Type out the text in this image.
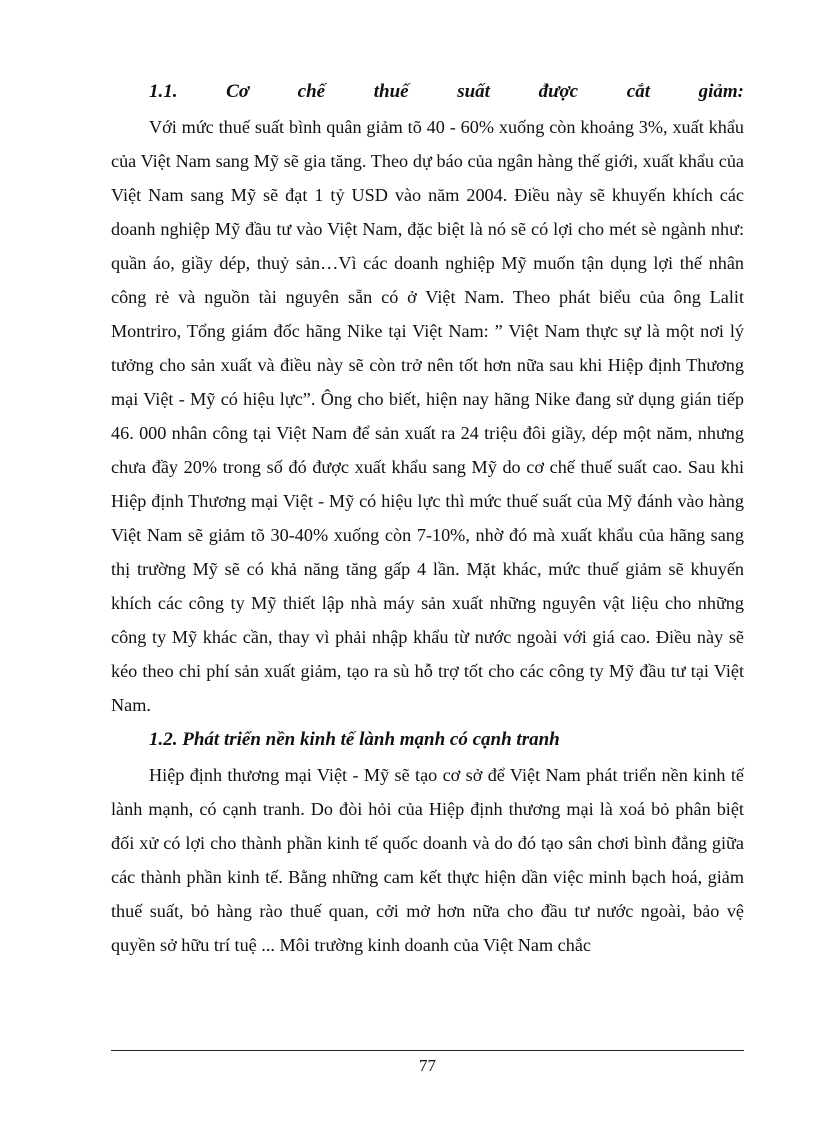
1.1. Cơ chế thuế suất được cắt giảm:

Với mức thuế suất bình quân giảm tõ 40 - 60% xuống còn khoảng 3%, xuất khẩu của Việt Nam sang Mỹ sẽ gia tăng. Theo dự báo của ngân hàng thế giới, xuất khẩu của Việt Nam sang Mỹ sẽ đạt 1 tỷ USD vào năm 2004. Điều này sẽ khuyến khích các doanh nghiệp Mỹ đầu tư vào Việt Nam, đặc biệt là nó sẽ có lợi cho mét sè ngành như: quần áo, giầy dép, thuỷ sản…Vì các doanh nghiệp Mỹ muốn tận dụng lợi thế nhân công rẻ và nguồn tài nguyên sẵn có ở Việt Nam. Theo phát biểu của ông Lalit Montriro, Tổng giám đốc hãng Nike tại Việt Nam: ” Việt Nam thực sự là một nơi lý tưởng cho sản xuất và điều này sẽ còn trở nên tốt hơn nữa sau khi Hiệp định Thương mại Việt - Mỹ có hiệu lực”. Ông cho biết, hiện nay hãng Nike đang sử dụng gián tiếp 46. 000 nhân công tại Việt Nam để sản xuất ra 24 triệu đôi giầy, dép một năm, nhưng chưa đầy 20% trong số đó được xuất khẩu sang Mỹ do cơ chế thuế suất cao. Sau khi Hiệp định Thương mại Việt - Mỹ có hiệu lực thì mức thuế suất của Mỹ đánh vào hàng Việt Nam sẽ giảm tõ 30-40% xuống còn 7-10%, nhờ đó mà xuất khẩu của hãng sang thị trường Mỹ sẽ có khả năng tăng gấp 4 lần. Mặt khác, mức thuế giảm sẽ khuyến khích các công ty Mỹ thiết lập nhà máy sản xuất những nguyên vật liệu cho những công ty Mỹ khác cần, thay vì phải nhập khẩu từ nước ngoài với giá cao. Điều này sẽ kéo theo chi phí sản xuất giảm, tạo ra sù hỗ trợ tốt cho các công ty Mỹ đầu tư tại Việt Nam.

1.2. Phát triển nền kinh tế lành mạnh có cạnh tranh

Hiệp định thương mại Việt - Mỹ sẽ tạo cơ sở để Việt Nam phát triển nền kinh tế lành mạnh, có cạnh tranh. Do đòi hỏi của Hiệp định thương mại là xoá bỏ phân biệt đối xử có lợi cho thành phần kinh tế quốc doanh và do đó tạo sân chơi bình đẳng giữa các thành phần kinh tế. Bằng những cam kết thực hiện dần việc minh bạch hoá, giảm thuế suất, bỏ hàng rào thuế quan, cởi mở hơn nữa cho đầu tư nước ngoài, bảo vệ quyền sở hữu trí tuệ ... Môi trường kinh doanh của Việt Nam chắc

77
